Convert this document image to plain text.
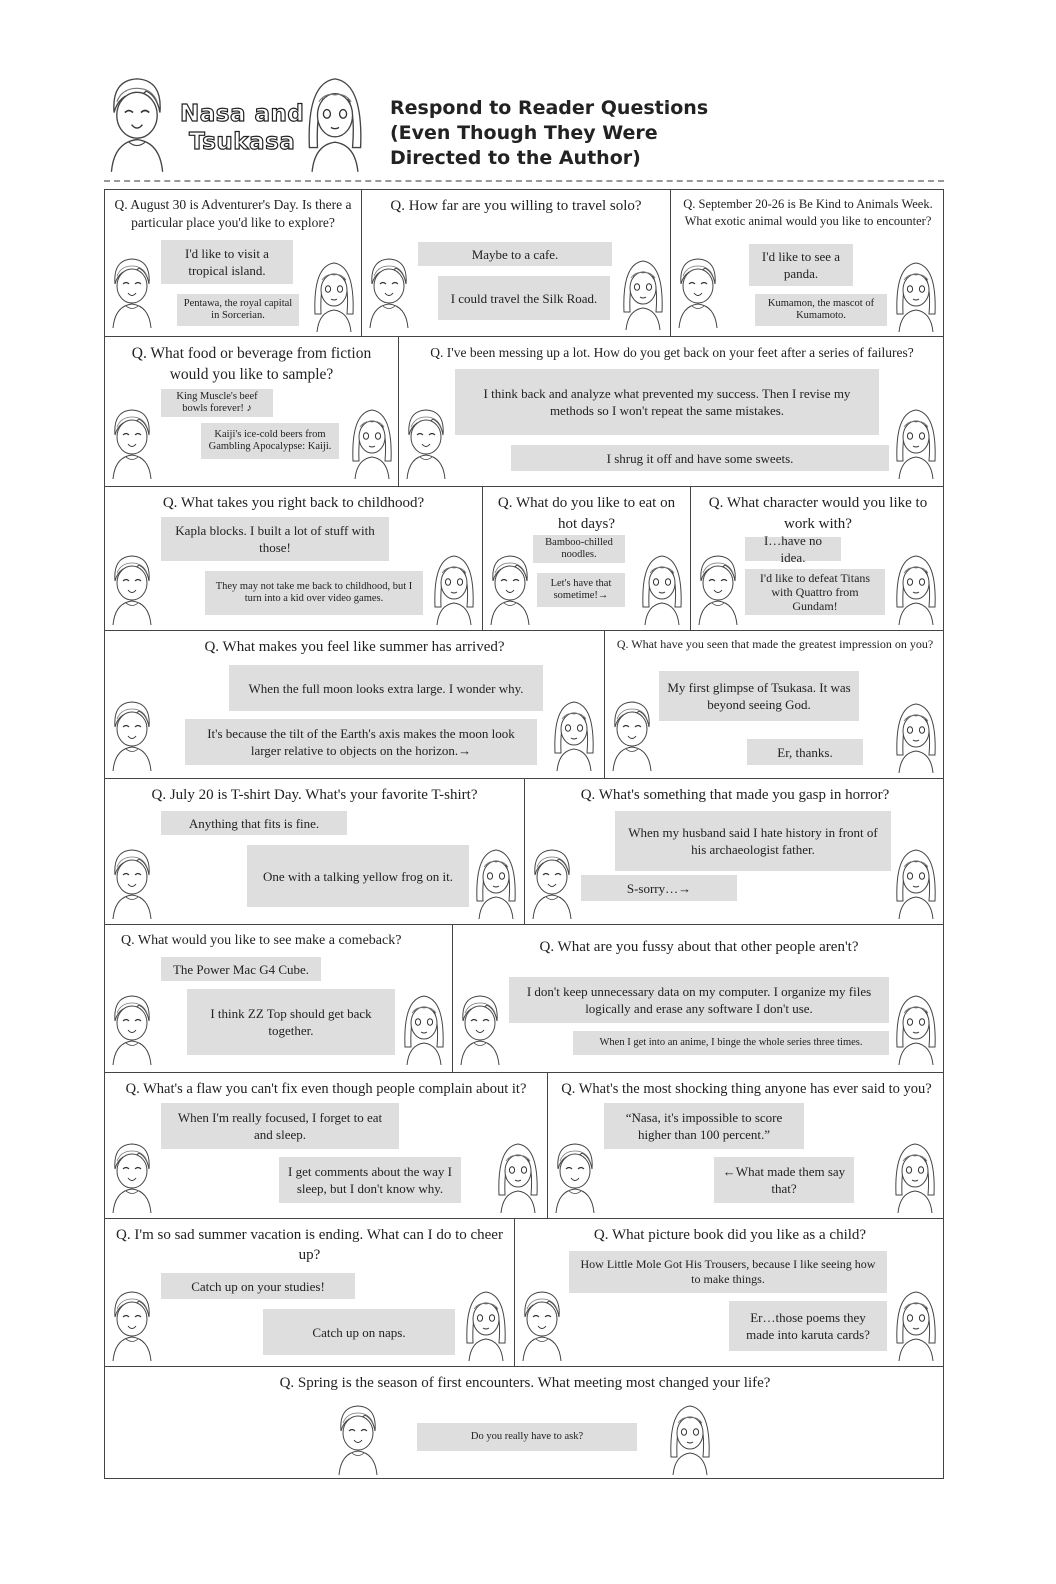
Nasa and
Tsukasa
Respond to Reader Questions
(Even Though They Were
Directed to the Author)
Q. August 30 is Adventurer's Day. Is there a particular place you'd like to explore?
I'd like to visit a tropical island.
Pentawa, the royal capital in Sorcerian.
Q. How far are you willing to travel solo?
Maybe to a cafe.
I could travel the Silk Road.
Q. September 20-26 is Be Kind to Animals Week. What exotic animal would you like to encounter?
I'd like to see a panda.
Kumamon, the mascot of Kumamoto.
Q. What food or beverage from fiction would you like to sample?
King Muscle's beef bowls forever! ♪
Kaiji's ice-cold beers from Gambling Apocalypse: Kaiji.
Q. I've been messing up a lot. How do you get back on your feet after a series of failures?
I think back and analyze what prevented my success. Then I revise my methods so I won't repeat the same mistakes.
I shrug it off and have some sweets.
Q. What takes you right back to childhood?
Kapla blocks. I built a lot of stuff with those!
They may not take me back to childhood, but I turn into a kid over video games.
Q. What do you like to eat on hot days?
Bamboo-chilled noodles.
Let's have that sometime!→
Q. What character would you like to work with?
I…have no idea.
I'd like to defeat Titans with Quattro from Gundam!
Q. What makes you feel like summer has arrived?
When the full moon looks extra large. I wonder why.
It's because the tilt of the Earth's axis makes the moon look larger relative to objects on the horizon.→
Q. What have you seen that made the greatest impression on you?
My first glimpse of Tsukasa. It was beyond seeing God.
Er, thanks.
Q. July 20 is T-shirt Day. What's your favorite T-shirt?
Anything that fits is fine.
One with a talking yellow frog on it.
Q. What's something that made you gasp in horror?
When my husband said I hate history in front of his archaeologist father.
S-sorry…→
Q. What would you like to see make a comeback?
The Power Mac G4 Cube.
I think ZZ Top should get back together.
Q. What are you fussy about that other people aren't?
I don't keep unnecessary data on my computer. I organize my files logically and erase any software I don't use.
When I get into an anime, I binge the whole series three times.
Q. What's a flaw you can't fix even though people complain about it?
When I'm really focused, I forget to eat and sleep.
I get comments about the way I sleep, but I don't know why.
Q. What's the most shocking thing anyone has ever said to you?
“Nasa, it's impossible to score higher than 100 percent.”
←What made them say that?
Q. I'm so sad summer vacation is ending. What can I do to cheer up?
Catch up on your studies!
Catch up on naps.
Q. What picture book did you like as a child?
How Little Mole Got His Trousers, because I like seeing how to make things.
Er…those poems they made into karuta cards?
Q. Spring is the season of first encounters. What meeting most changed your life?
Do you really have to ask?
